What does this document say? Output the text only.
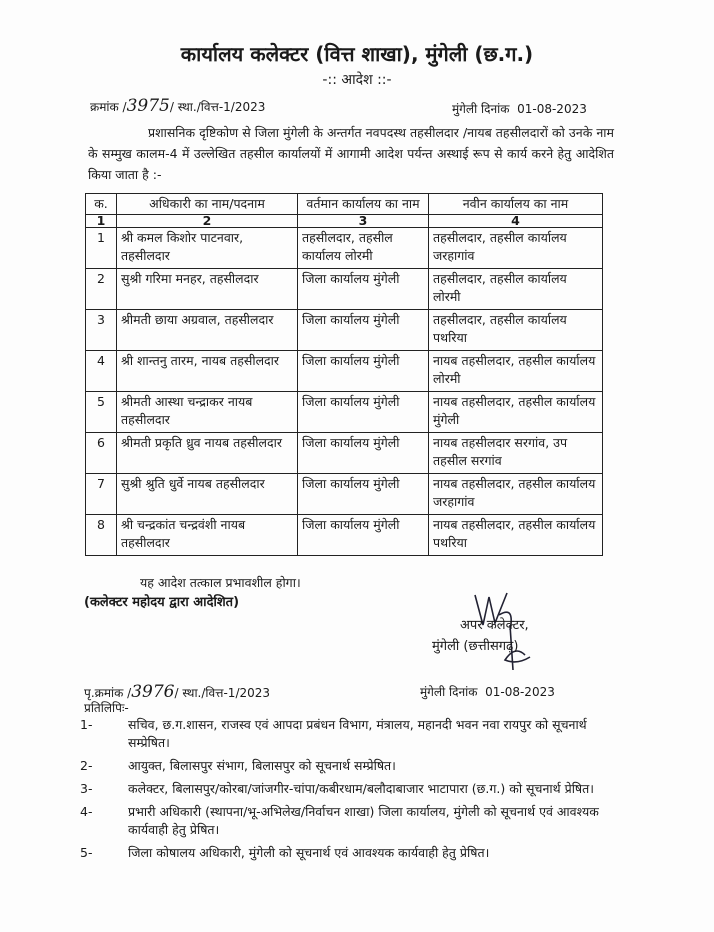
कार्यालय कलेक्टर (वित्त शाखा), मुंगेली (छ.ग.)
-:: आदेश ::-
क्रमांक /3975/ स्था./वित्त-1/2023	मुंगेली दिनांक 01-08-2023
प्रशासनिक दृष्टिकोण से जिला मुंगेली के अन्तर्गत नवपदस्थ तहसीलदार /नायब तहसीलदारों को उनके नाम के सम्मुख कालम-4 में उल्लेखित तहसील कार्यालयों में आगामी आदेश पर्यन्त अस्थाई रूप से कार्य करने हेतु आदेशित किया जाता है :-
क.	अधिकारी का नाम/पदनाम	वर्तमान कार्यालय का नाम	नवीन कार्यालय का नाम
1	2	3	4
1	श्री कमल किशोर पाटनवार, तहसीलदार	तहसीलदार, तहसील कार्यालय लोरमी	तहसीलदार, तहसील कार्यालय जरहागांव
2	सुश्री गरिमा मनहर, तहसीलदार	जिला कार्यालय मुंगेली	तहसीलदार, तहसील कार्यालय लोरमी
3	श्रीमती छाया अग्रवाल, तहसीलदार	जिला कार्यालय मुंगेली	तहसीलदार, तहसील कार्यालय पथरिया
4	श्री शान्तनु तारम, नायब तहसीलदार	जिला कार्यालय मुंगेली	नायब तहसीलदार, तहसील कार्यालय लोरमी
5	श्रीमती आस्था चन्द्राकर नायब तहसीलदार	जिला कार्यालय मुंगेली	नायब तहसीलदार, तहसील कार्यालय मुंगेली
6	श्रीमती प्रकृति ध्रुव नायब तहसीलदार	जिला कार्यालय मुंगेली	नायब तहसीलदार सरगांव, उप तहसील सरगांव
7	सुश्री श्रुति धुर्वे नायब तहसीलदार	जिला कार्यालय मुंगेली	नायब तहसीलदार, तहसील कार्यालय जरहागांव
8	श्री चन्द्रकांत चन्द्रवंशी नायब तहसीलदार	जिला कार्यालय मुंगेली	नायब तहसीलदार, तहसील कार्यालय पथरिया
यह आदेश तत्काल प्रभावशील होगा।
(कलेक्टर महोदय द्वारा आदेशित)
अपर कलेक्टर,
मुंगेली (छत्तीसगढ़)
पृ.क्रमांक /3976/ स्था./वित्त-1/2023	मुंगेली दिनांक 01-08-2023
प्रतिलिपिः-
1-	सचिव, छ.ग.शासन, राजस्व एवं आपदा प्रबंधन विभाग, मंत्रालय, महानदी भवन नवा रायपुर को सूचनार्थ सम्प्रेषित।
2-	आयुक्त, बिलासपुर संभाग, बिलासपुर को सूचनार्थ सम्प्रेषित।
3-	कलेक्टर, बिलासपुर/कोरबा/जांजगीर-चांपा/कबीरधाम/बलौदाबाजार भाटापारा (छ.ग.) को सूचनार्थ प्रेषित।
4-	प्रभारी अधिकारी (स्थापना/भू-अभिलेख/निर्वाचन शाखा) जिला कार्यालय, मुंगेली को सूचनार्थ एवं आवश्यक कार्यवाही हेतु प्रेषित।
5-	जिला कोषालय अधिकारी, मुंगेली को सूचनार्थ एवं आवश्यक कार्यवाही हेतु प्रेषित।
